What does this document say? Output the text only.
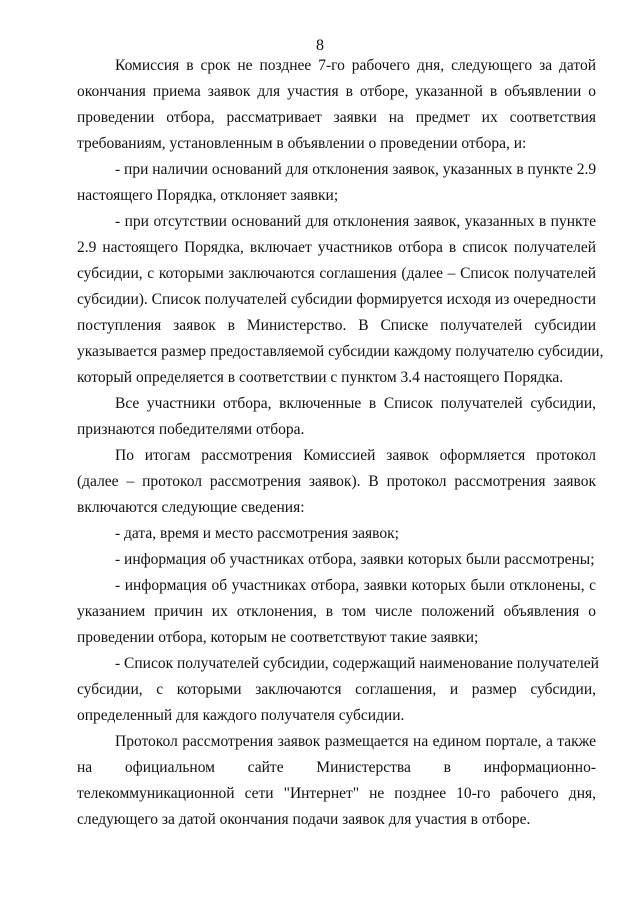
8

Комиссия в срок не позднее 7-го рабочего дня, следующего за датой
окончания приема заявок для участия в отборе, указанной в объявлении о
проведении отбора, рассматривает заявки на предмет их соответствия
требованиям, установленным в объявлении о проведении отбора, и:

- при наличии оснований для отклонения заявок, указанных в пункте 2.9
настоящего Порядка, отклоняет заявки;

- при отсутствии оснований для отклонения заявок, указанных в пункте
2.9 настоящего Порядка, включает участников отбора в список получателей
субсидии, с которыми заключаются соглашения (далее – Список получателей
субсидии). Список получателей субсидии формируется исходя из очередности
поступления заявок в Министерство. В Списке получателей субсидии
указывается размер предоставляемой субсидии каждому получателю субсидии,
который определяется в соответствии с пунктом 3.4 настоящего Порядка.

Все участники отбора, включенные в Список получателей субсидии,
признаются победителями отбора.

По итогам рассмотрения Комиссией заявок оформляется протокол
(далее – протокол рассмотрения заявок). В протокол рассмотрения заявок
включаются следующие сведения:

- дата, время и место рассмотрения заявок;

- информация об участниках отбора, заявки которых были рассмотрены;

- информация об участниках отбора, заявки которых были отклонены, с
указанием причин их отклонения, в том числе положений объявления о
проведении отбора, которым не соответствуют такие заявки;

- Список получателей субсидии, содержащий наименование получателей
субсидии, с которыми заключаются соглашения, и размер субсидии,
определенный для каждого получателя субсидии.

Протокол рассмотрения заявок размещается на едином портале, а также
на официальном сайте Министерства в информационно-
телекоммуникационной сети "Интернет" не позднее 10-го рабочего дня,
следующего за датой окончания подачи заявок для участия в отборе.
